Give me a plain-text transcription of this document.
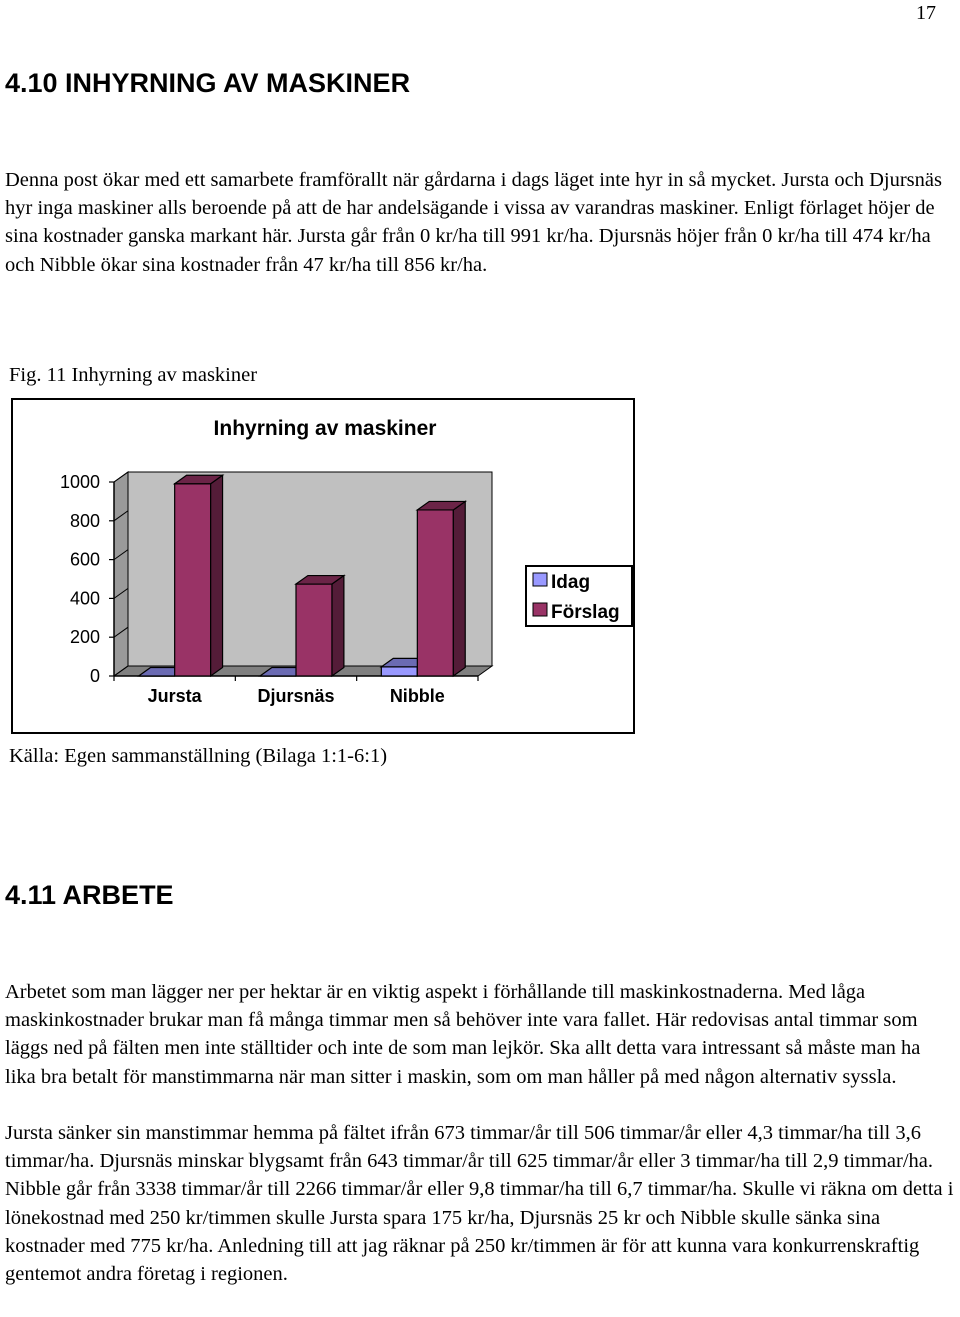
17
4.10 INHYRNING AV MASKINER

Denna post ökar med ett samarbete framförallt när gårdarna i dags läget inte hyr in så mycket. Jursta och Djursnäs hyr inga maskiner alls beroende på att de har andelsägande i vissa av varandras maskiner. Enligt förlaget höjer de sina kostnader ganska markant här. Jursta går från 0 kr/ha till 991 kr/ha. Djursnäs höjer från 0 kr/ha till 474 kr/ha och Nibble ökar sina kostnader från 47 kr/ha till 856 kr/ha.

Fig. 11 Inhyrning av maskiner

Inhyrning av maskiner
0
200
400
600
800
1000
Jursta	Djursnäs	Nibble
Idag
Förslag

Källa: Egen sammanställning (Bilaga 1:1-6:1)

4.11 ARBETE

Arbetet som man lägger ner per hektar är en viktig aspekt i förhållande till maskinkostnaderna. Med låga maskinkostnader brukar man få många timmar men så behöver inte vara fallet. Här redovisas antal timmar som läggs ned på fälten men inte ställtider och inte de som man lejkör. Ska allt detta vara intressant så måste man ha lika bra betalt för manstimmarna när man sitter i maskin, som om man håller på med någon alternativ syssla.

Jursta sänker sin manstimmar hemma på fältet ifrån 673 timmar/år till 506 timmar/år eller 4,3 timmar/ha till 3,6 timmar/ha. Djursnäs minskar blygsamt från 643 timmar/år till 625 timmar/år eller 3 timmar/ha till 2,9 timmar/ha. Nibble går från 3338 timmar/år till 2266 timmar/år eller 9,8 timmar/ha till 6,7 timmar/ha. Skulle vi räkna om detta i lönekostnad med 250 kr/timmen skulle Jursta spara 175 kr/ha, Djursnäs 25 kr och Nibble skulle sänka sina kostnader med 775 kr/ha. Anledning till att jag räknar på 250 kr/timmen är för att kunna vara konkurrenskraftig gentemot andra företag i regionen.
